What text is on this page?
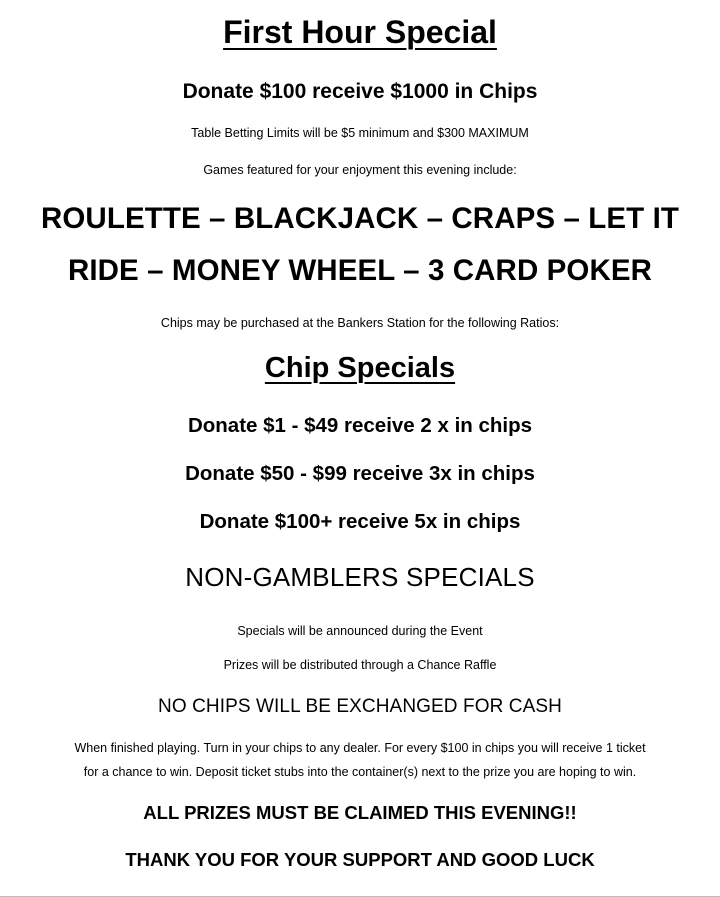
First Hour Special
Donate $100 receive $1000 in Chips
Table Betting Limits will be $5 minimum and $300 MAXIMUM
Games featured for your enjoyment this evening include:
ROULETTE – BLACKJACK – CRAPS – LET IT
RIDE – MONEY WHEEL – 3 CARD POKER
Chips may be purchased at the Bankers Station for the following Ratios:
Chip Specials
Donate $1 - $49 receive 2 x in chips
Donate $50 - $99 receive 3x in chips
Donate $100+ receive 5x in chips
NON-GAMBLERS SPECIALS
Specials will be announced during the Event
Prizes will be distributed through a Chance Raffle
NO CHIPS WILL BE EXCHANGED FOR CASH
When finished playing. Turn in your chips to any dealer. For every $100 in chips you will receive 1 ticket
for a chance to win. Deposit ticket stubs into the container(s) next to the prize you are hoping to win.
ALL PRIZES MUST BE CLAIMED THIS EVENING!!
THANK YOU FOR YOUR SUPPORT AND GOOD LUCK
